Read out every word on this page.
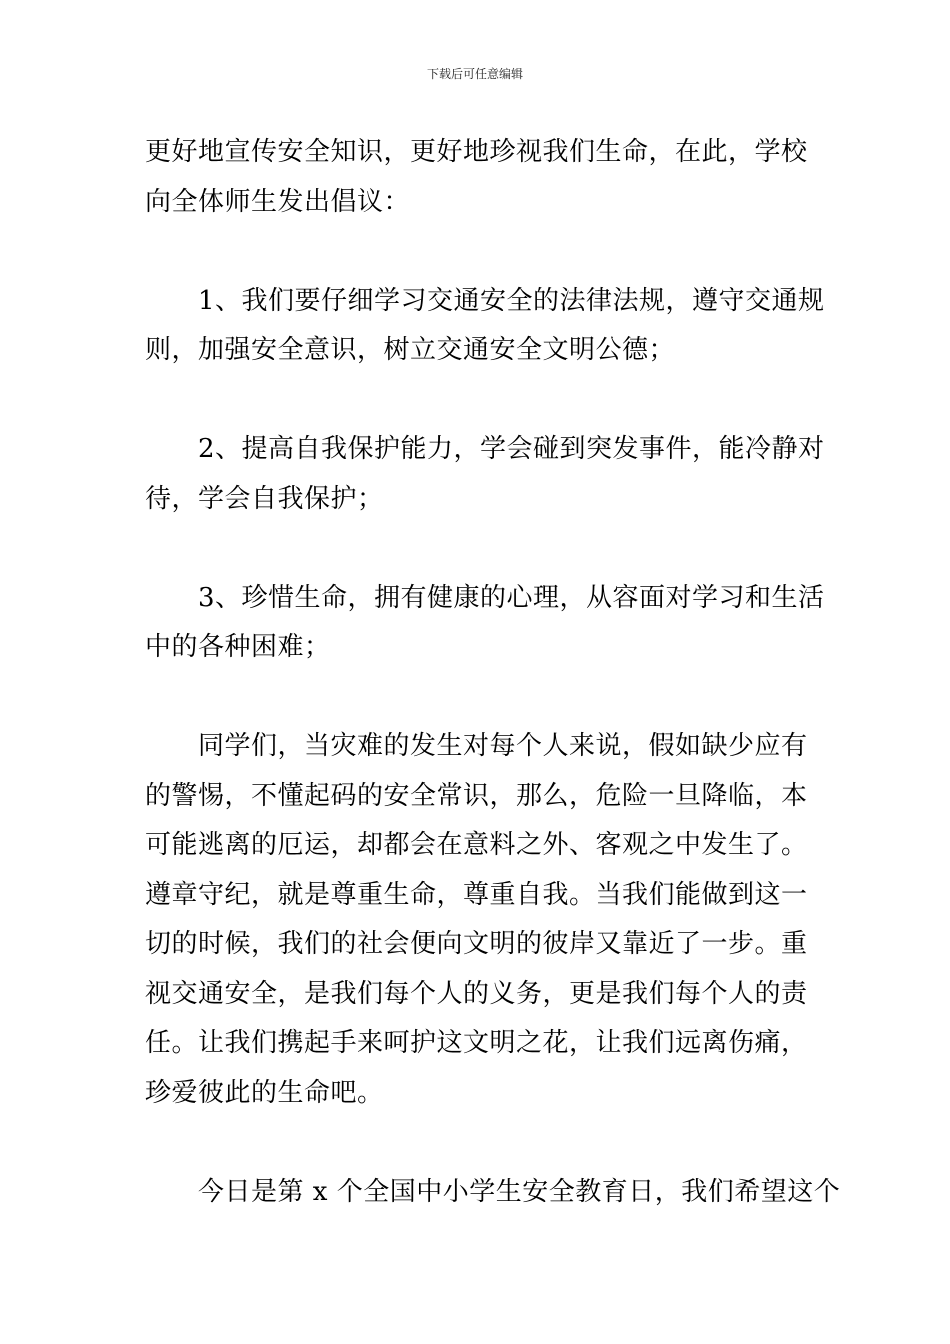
下载后可任意编辑
更好地宣传安全知识，更好地珍视我们生命，在此，学校
向全体师生发出倡议：
　　1、我们要仔细学习交通安全的法律法规，遵守交通规
则，加强安全意识，树立交通安全文明公德；
　　2、提高自我保护能力，学会碰到突发事件，能冷静对
待，学会自我保护；
　　3、珍惜生命，拥有健康的心理，从容面对学习和生活
中的各种困难；
　　同学们，当灾难的发生对每个人来说，假如缺少应有
的警惕，不懂起码的安全常识，那么，危险一旦降临，本
可能逃离的厄运，却都会在意料之外、客观之中发生了。
遵章守纪，就是尊重生命，尊重自我。当我们能做到这一
切的时候，我们的社会便向文明的彼岸又靠近了一步。重
视交通安全，是我们每个人的义务，更是我们每个人的责
任。让我们携起手来呵护这文明之花，让我们远离伤痛，
珍爱彼此的生命吧。
　　今日是第 x 个全国中小学生安全教育日，我们希望这个
